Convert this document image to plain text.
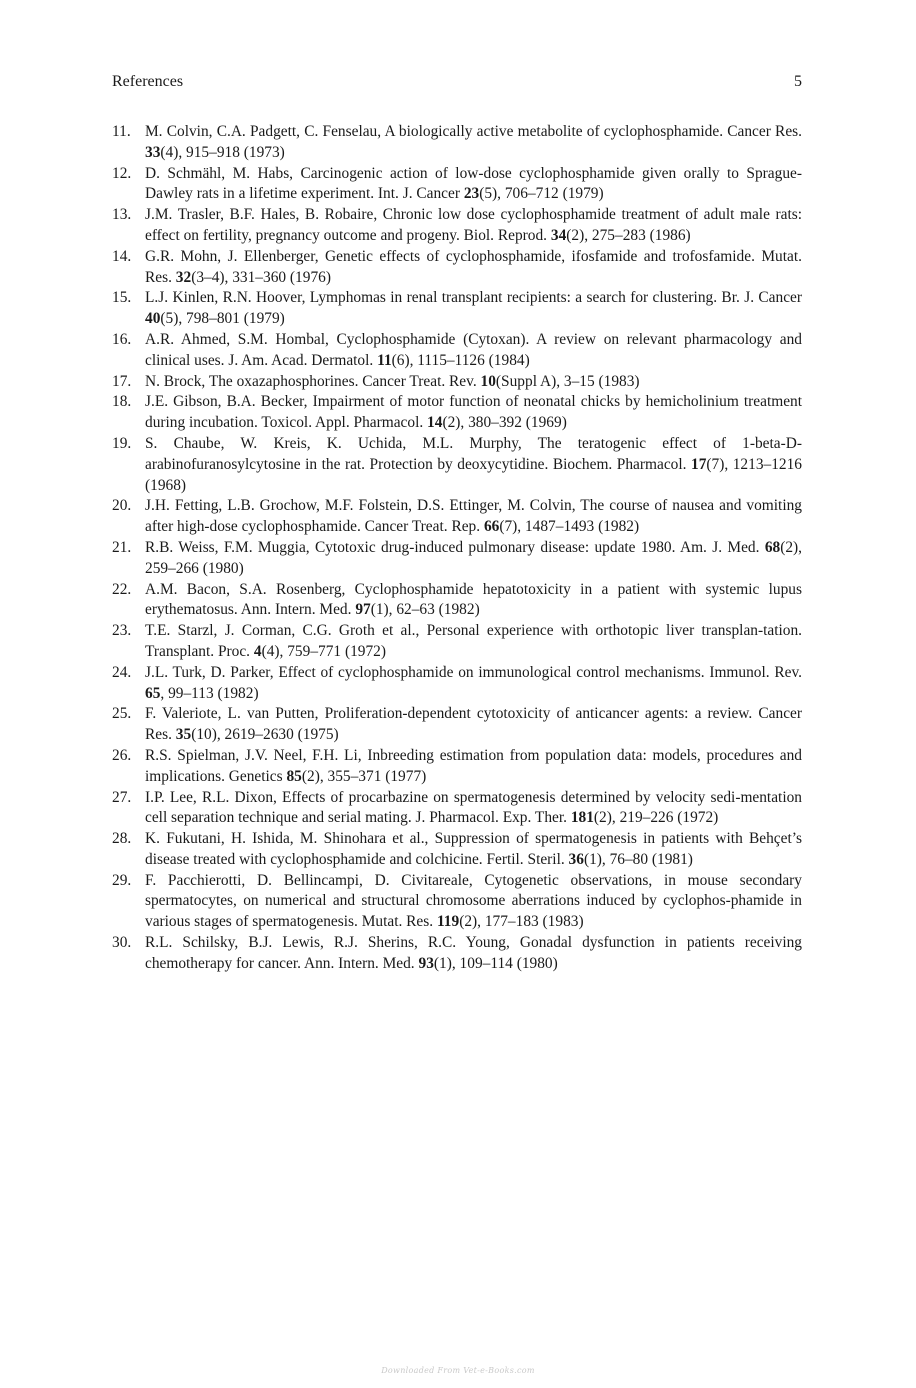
References	5
11. M. Colvin, C.A. Padgett, C. Fenselau, A biologically active metabolite of cyclophosphamide. Cancer Res. 33(4), 915–918 (1973)
12. D. Schmähl, M. Habs, Carcinogenic action of low-dose cyclophosphamide given orally to Sprague-Dawley rats in a lifetime experiment. Int. J. Cancer 23(5), 706–712 (1979)
13. J.M. Trasler, B.F. Hales, B. Robaire, Chronic low dose cyclophosphamide treatment of adult male rats: effect on fertility, pregnancy outcome and progeny. Biol. Reprod. 34(2), 275–283 (1986)
14. G.R. Mohn, J. Ellenberger, Genetic effects of cyclophosphamide, ifosfamide and trofosfamide. Mutat. Res. 32(3–4), 331–360 (1976)
15. L.J. Kinlen, R.N. Hoover, Lymphomas in renal transplant recipients: a search for clustering. Br. J. Cancer 40(5), 798–801 (1979)
16. A.R. Ahmed, S.M. Hombal, Cyclophosphamide (Cytoxan). A review on relevant pharmacology and clinical uses. J. Am. Acad. Dermatol. 11(6), 1115–1126 (1984)
17. N. Brock, The oxazaphosphorines. Cancer Treat. Rev. 10(Suppl A), 3–15 (1983)
18. J.E. Gibson, B.A. Becker, Impairment of motor function of neonatal chicks by hemicholinium treatment during incubation. Toxicol. Appl. Pharmacol. 14(2), 380–392 (1969)
19. S. Chaube, W. Kreis, K. Uchida, M.L. Murphy, The teratogenic effect of 1-beta-D-arabinofuranosylcytosine in the rat. Protection by deoxycytidine. Biochem. Pharmacol. 17(7), 1213–1216 (1968)
20. J.H. Fetting, L.B. Grochow, M.F. Folstein, D.S. Ettinger, M. Colvin, The course of nausea and vomiting after high-dose cyclophosphamide. Cancer Treat. Rep. 66(7), 1487–1493 (1982)
21. R.B. Weiss, F.M. Muggia, Cytotoxic drug-induced pulmonary disease: update 1980. Am. J. Med. 68(2), 259–266 (1980)
22. A.M. Bacon, S.A. Rosenberg, Cyclophosphamide hepatotoxicity in a patient with systemic lupus erythematosus. Ann. Intern. Med. 97(1), 62–63 (1982)
23. T.E. Starzl, J. Corman, C.G. Groth et al., Personal experience with orthotopic liver transplan-tation. Transplant. Proc. 4(4), 759–771 (1972)
24. J.L. Turk, D. Parker, Effect of cyclophosphamide on immunological control mechanisms. Immunol. Rev. 65, 99–113 (1982)
25. F. Valeriote, L. van Putten, Proliferation-dependent cytotoxicity of anticancer agents: a review. Cancer Res. 35(10), 2619–2630 (1975)
26. R.S. Spielman, J.V. Neel, F.H. Li, Inbreeding estimation from population data: models, procedures and implications. Genetics 85(2), 355–371 (1977)
27. I.P. Lee, R.L. Dixon, Effects of procarbazine on spermatogenesis determined by velocity sedi-mentation cell separation technique and serial mating. J. Pharmacol. Exp. Ther. 181(2), 219–226 (1972)
28. K. Fukutani, H. Ishida, M. Shinohara et al., Suppression of spermatogenesis in patients with Behçet’s disease treated with cyclophosphamide and colchicine. Fertil. Steril. 36(1), 76–80 (1981)
29. F. Pacchierotti, D. Bellincampi, D. Civitareale, Cytogenetic observations, in mouse secondary spermatocytes, on numerical and structural chromosome aberrations induced by cyclophos-phamide in various stages of spermatogenesis. Mutat. Res. 119(2), 177–183 (1983)
30. R.L. Schilsky, B.J. Lewis, R.J. Sherins, R.C. Young, Gonadal dysfunction in patients receiving chemotherapy for cancer. Ann. Intern. Med. 93(1), 109–114 (1980)
Downloaded From Vet-e-Books.com
